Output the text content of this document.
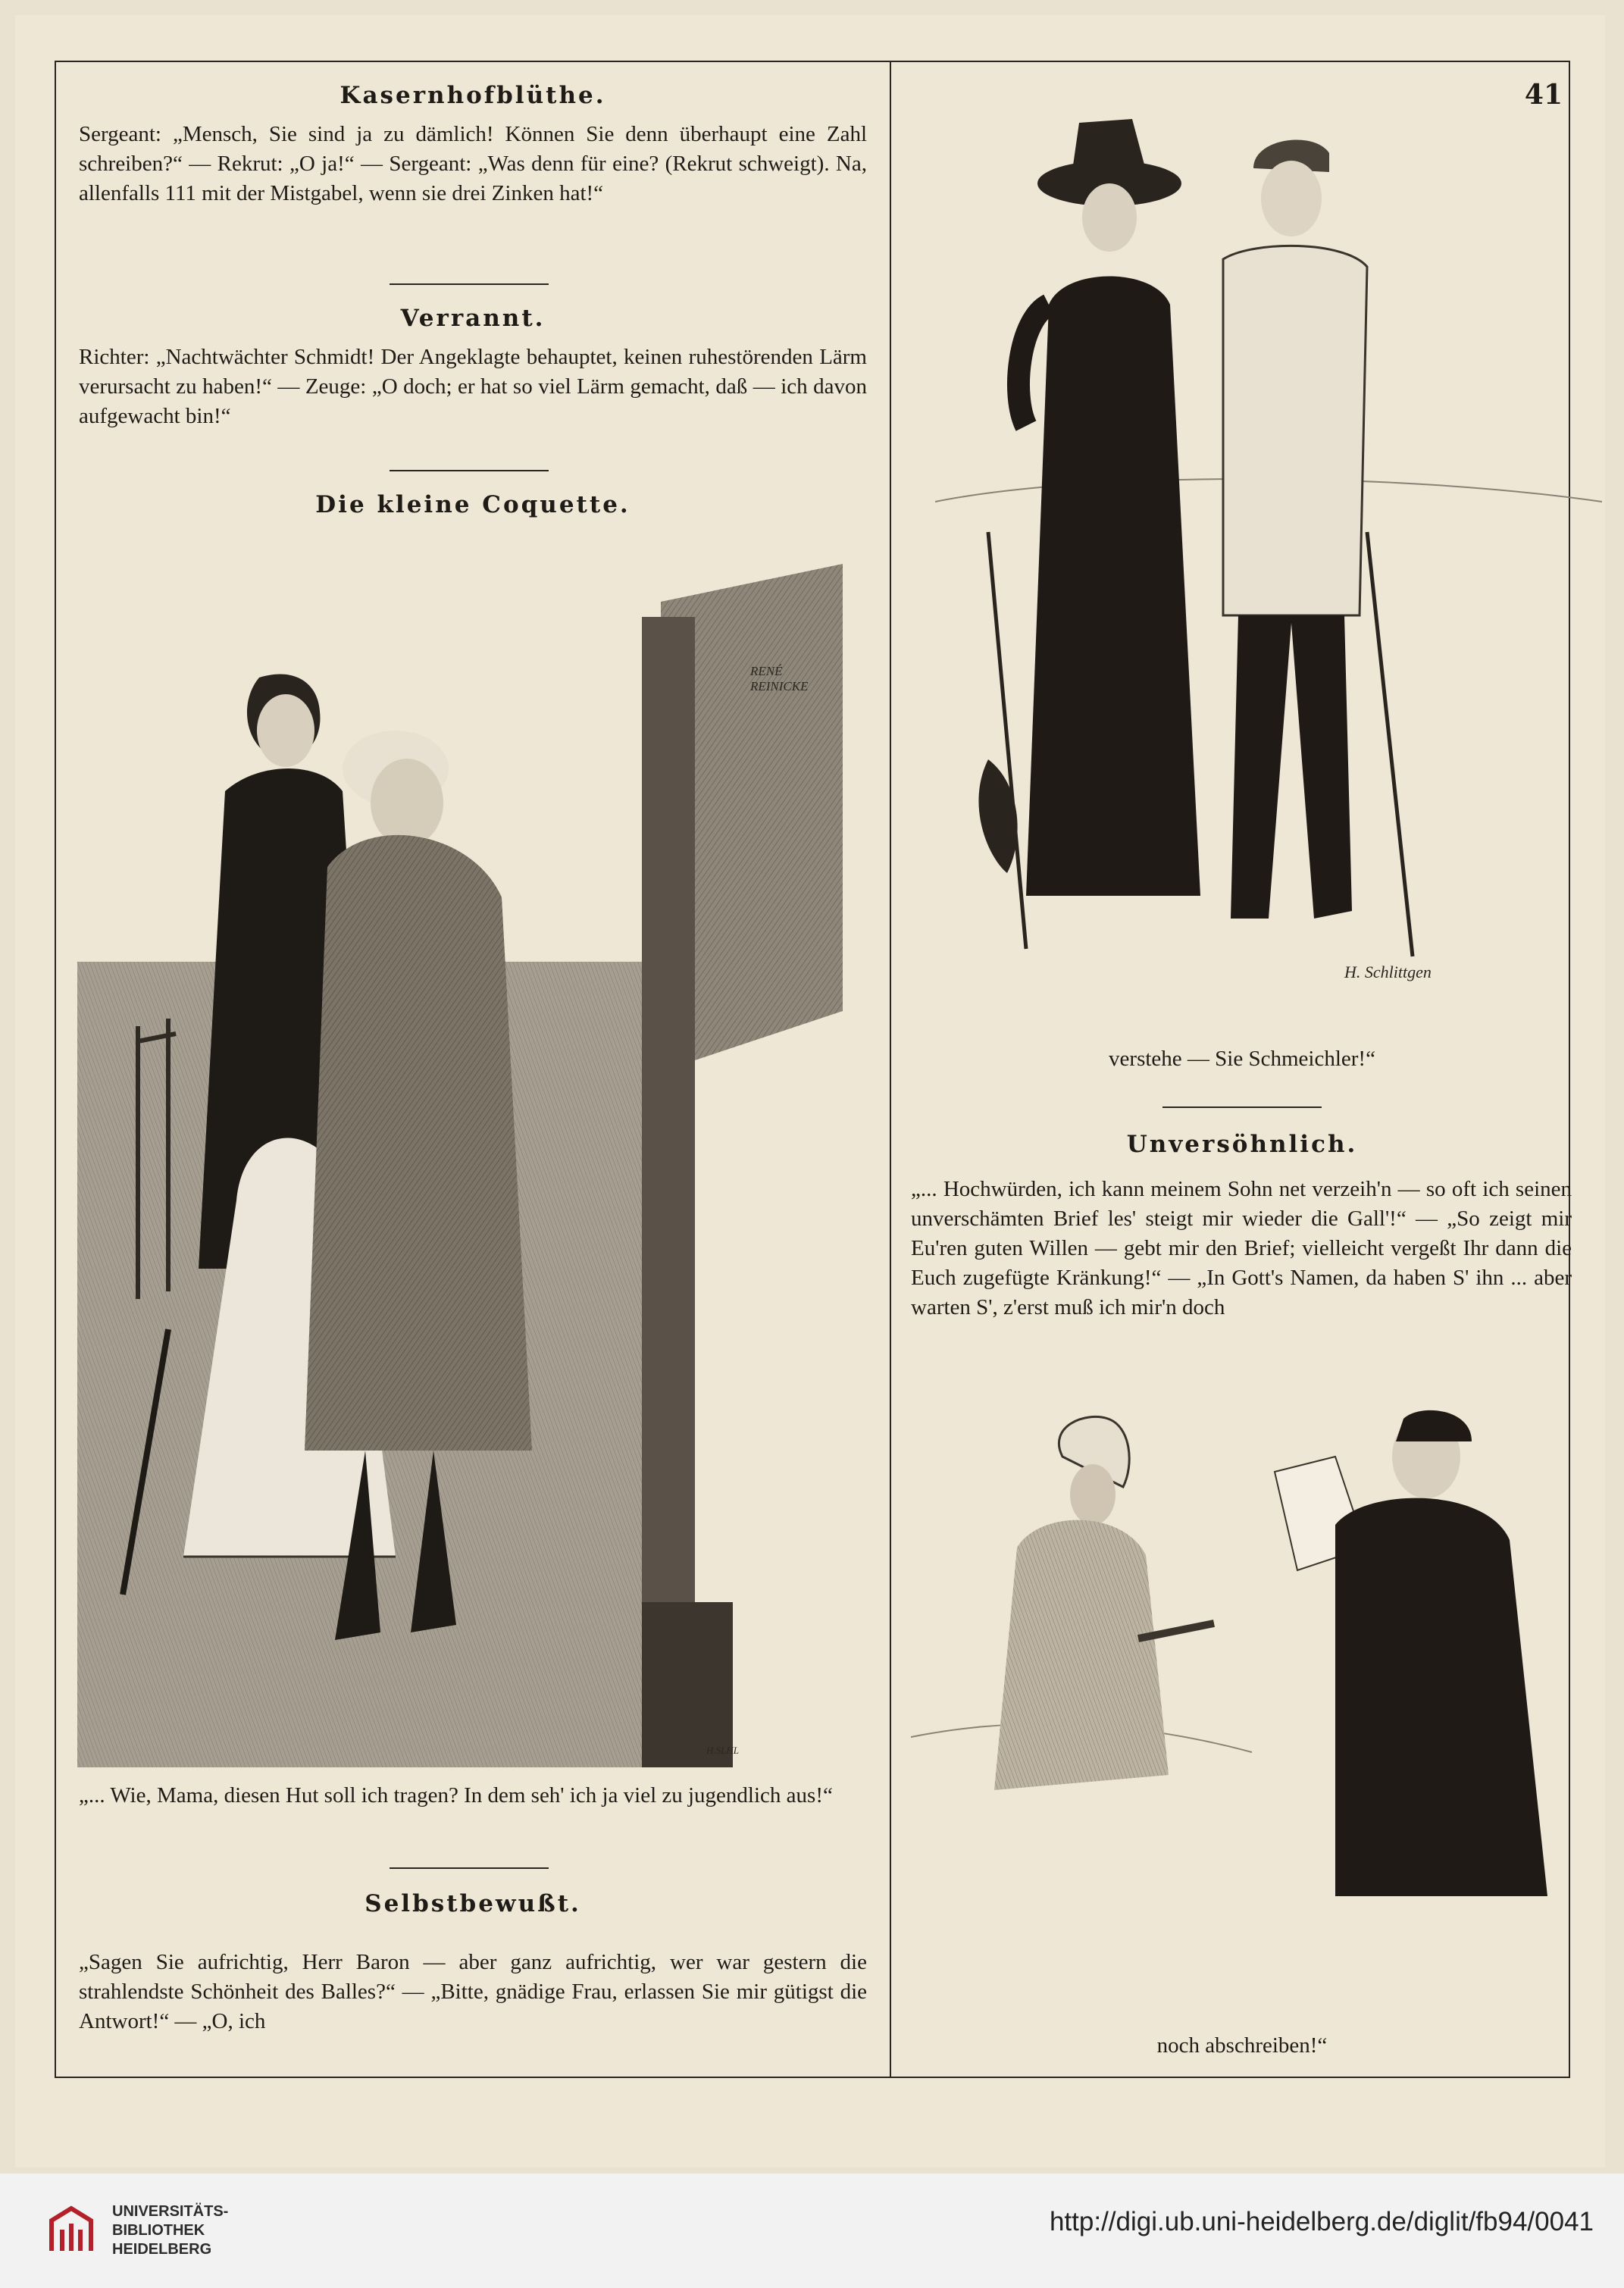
41
Kasernhofblüthe.

Sergeant: „Mensch, Sie sind ja zu dämlich! Können Sie denn überhaupt eine Zahl schreiben?“ — Rekrut: „O ja!“ — Sergeant: „Was denn für eine? (Rekrut schweigt). Na, allenfalls 111 mit der Mistgabel, wenn sie drei Zinken hat!“

Verrannt.

Richter: „Nachtwächter Schmidt! Der Angeklagte behauptet, keinen ruhestörenden Lärm verursacht zu haben!“ — Zeuge: „O doch; er hat so viel Lärm gemacht, daß — ich davon aufgewacht bin!“

Die kleine Coquette.
RENÉ REINICKE
H.SLHL

„... Wie, Mama, diesen Hut soll ich tragen? In dem seh' ich ja viel zu jugendlich aus!“

Selbstbewußt.

„Sagen Sie aufrichtig, Herr Baron — aber ganz aufrichtig, wer war gestern die strahlendste Schönheit des Balles?“ — „Bitte, gnädige Frau, erlassen Sie mir gütigst die Antwort!“ — „O, ich

H. Schlittgen
verstehe — Sie Schmeichler!“
Unversöhnlich.

„... Hochwürden, ich kann meinem Sohn net verzeih'n — so oft ich seinen unverschämten Brief les' steigt mir wieder die Gall'!“ — „So zeigt mir Eu'ren guten Willen — gebt mir den Brief; vielleicht vergeßt Ihr dann die Euch zugefügte Kränkung!“ — „In Gott's Namen, da haben S' ihn ... aber warten S', z'erst muß ich mir'n doch

noch abschreiben!“
UNIVERSITÄTS-
BIBLIOTHEK
HEIDELBERG
http://digi.ub.uni-heidelberg.de/diglit/fb94/0041
